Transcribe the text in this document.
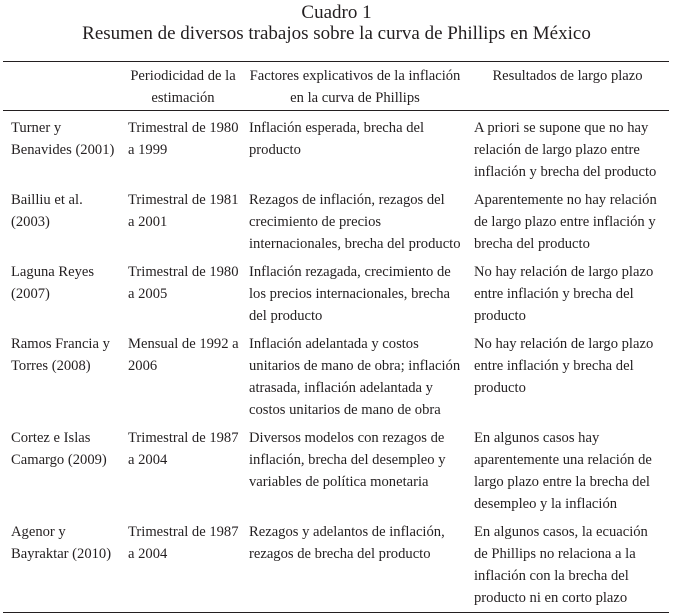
Cuadro 1
Resumen de diversos trabajos sobre la curva de Phillips en México
	Periodicidad de la estimación	Factores explicativos de la inflación en la curva de Phillips	Resultados de largo plazo
Turner y Benavides (2001)	Trimestral de 1980 a 1999	Inflación esperada, brecha del producto	A priori se supone que no hay relación de largo plazo entre inflación y brecha del producto
Bailliu et al. (2003)	Trimestral de 1981 a 2001	Rezagos de inflación, rezagos del crecimiento de precios internacionales, brecha del producto	Aparentemente no hay relación de largo plazo entre inflación y brecha del producto
Laguna Reyes (2007)	Trimestral de 1980 a 2005	Inflación rezagada, crecimiento de los precios internacionales, brecha del producto	No hay relación de largo plazo entre inflación y brecha del producto
Ramos Francia y Torres (2008)	Mensual de 1992 a 2006	Inflación adelantada y costos unitarios de mano de obra; inflación atrasada, inflación adelantada y costos unitarios de mano de obra	No hay relación de largo plazo entre inflación y brecha del producto
Cortez e Islas Camargo (2009)	Trimestral de 1987 a 2004	Diversos modelos con rezagos de inflación, brecha del desempleo y variables de política monetaria	En algunos casos hay aparentemente una relación de largo plazo entre la brecha del desempleo y la inflación
Agenor y Bayraktar (2010)	Trimestral de 1987 a 2004	Rezagos y adelantos de inflación, rezagos de brecha del producto	En algunos casos, la ecuación de Phillips no relaciona a la inflación con la brecha del producto ni en corto plazo
